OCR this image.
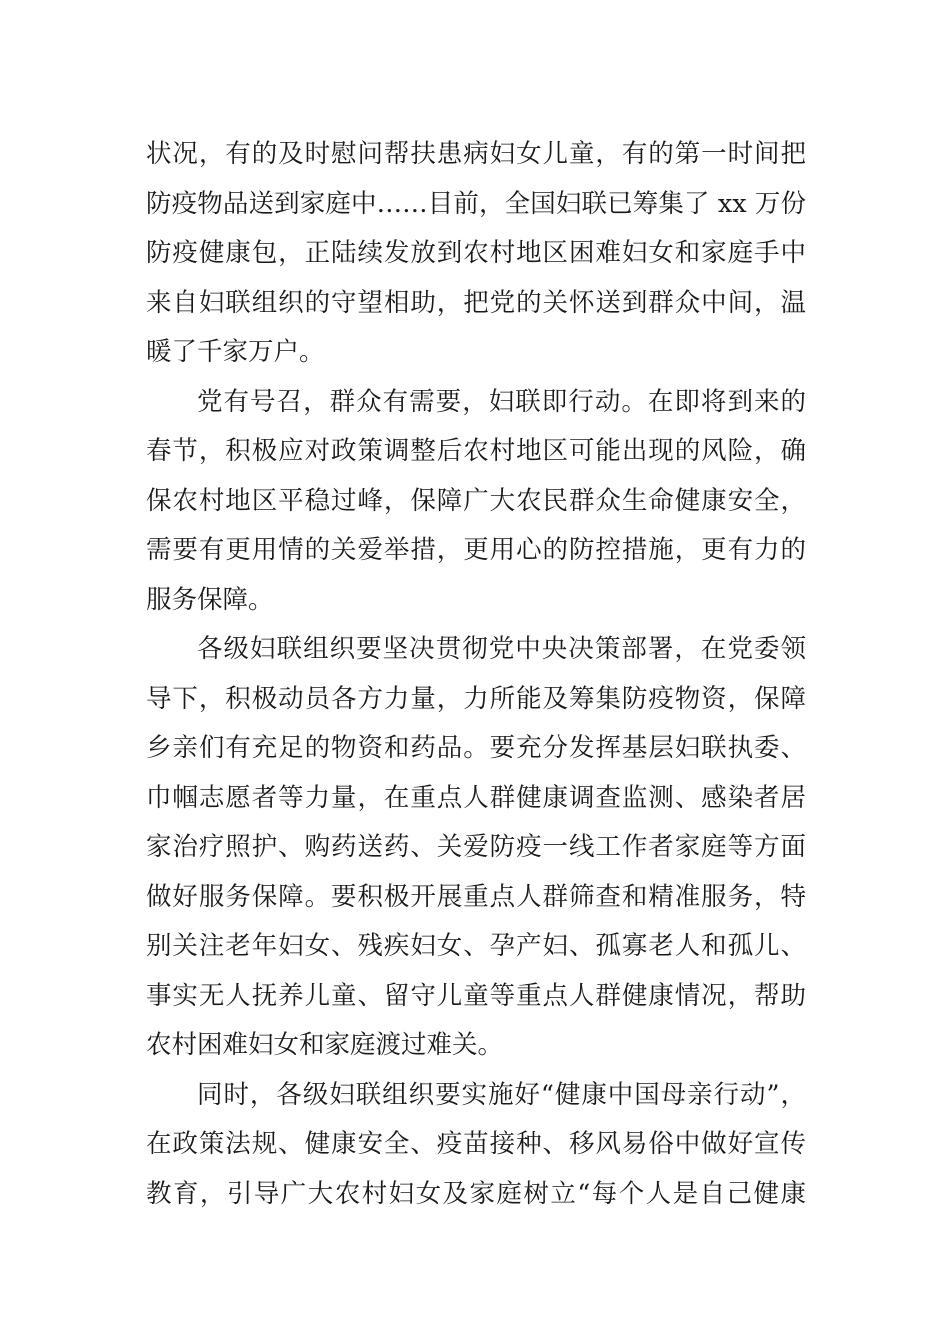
状况，有的及时慰问帮扶患病妇女儿童，有的第一时间把
防疫物品送到家庭中……目前，全国妇联已筹集了 xx 万份
防疫健康包，正陆续发放到农村地区困难妇女和家庭手中
来自妇联组织的守望相助，把党的关怀送到群众中间，温
暖了千家万户。
党有号召，群众有需要，妇联即行动。在即将到来的
春节，积极应对政策调整后农村地区可能出现的风险，确
保农村地区平稳过峰，保障广大农民群众生命健康安全，
需要有更用情的关爱举措，更用心的防控措施，更有力的
服务保障。
各级妇联组织要坚决贯彻党中央决策部署，在党委领
导下，积极动员各方力量，力所能及筹集防疫物资，保障
乡亲们有充足的物资和药品。要充分发挥基层妇联执委、
巾帼志愿者等力量，在重点人群健康调查监测、感染者居
家治疗照护、购药送药、关爱防疫一线工作者家庭等方面
做好服务保障。要积极开展重点人群筛查和精准服务，特
别关注老年妇女、残疾妇女、孕产妇、孤寡老人和孤儿、
事实无人抚养儿童、留守儿童等重点人群健康情况，帮助
农村困难妇女和家庭渡过难关。
同时，各级妇联组织要实施好“健康中国母亲行动”，
在政策法规、健康安全、疫苗接种、移风易俗中做好宣传
教育，引导广大农村妇女及家庭树立“每个人是自己健康
